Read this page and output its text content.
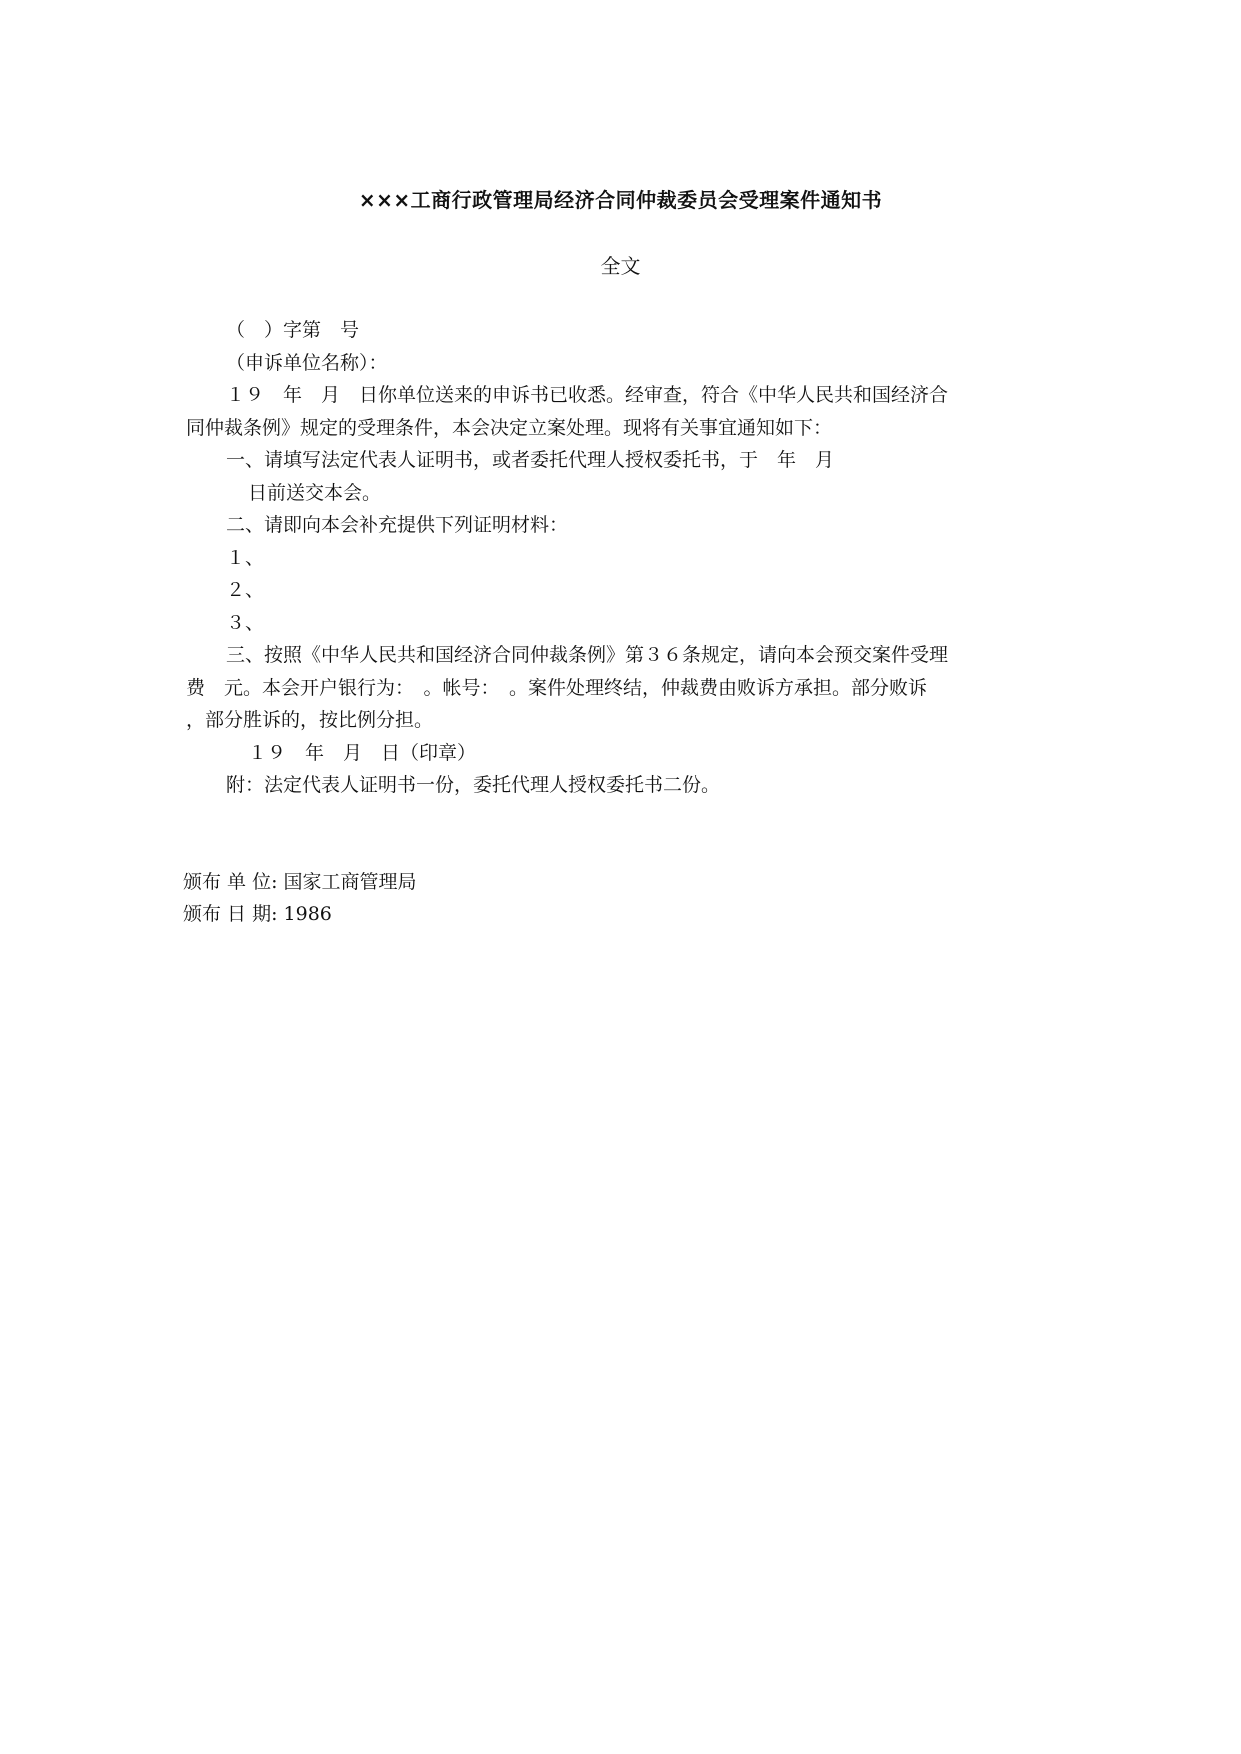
×××工商行政管理局经济合同仲裁委员会受理案件通知书
全文
（　）字第　号
（申诉单位名称）：
１９　年　月　日你单位送来的申诉书已收悉。经审查，符合《中华人民共和国经济合
同仲裁条例》规定的受理条件，本会决定立案处理。现将有关事宜通知如下：
一、请填写法定代表人证明书，或者委托代理人授权委托书，于　年　月
日前送交本会。
二、请即向本会补充提供下列证明材料：
１、
２、
３、
三、按照《中华人民共和国经济合同仲裁条例》第３６条规定，请向本会预交案件受理
费　元。本会开户银行为：　。帐号：　。案件处理终结，仲裁费由败诉方承担。部分败诉
，部分胜诉的，按比例分担。
１９　年　月　日（印章）
附：法定代表人证明书一份，委托代理人授权委托书二份。
颁布 单 位: 国家工商管理局
颁布 日 期: 1986
